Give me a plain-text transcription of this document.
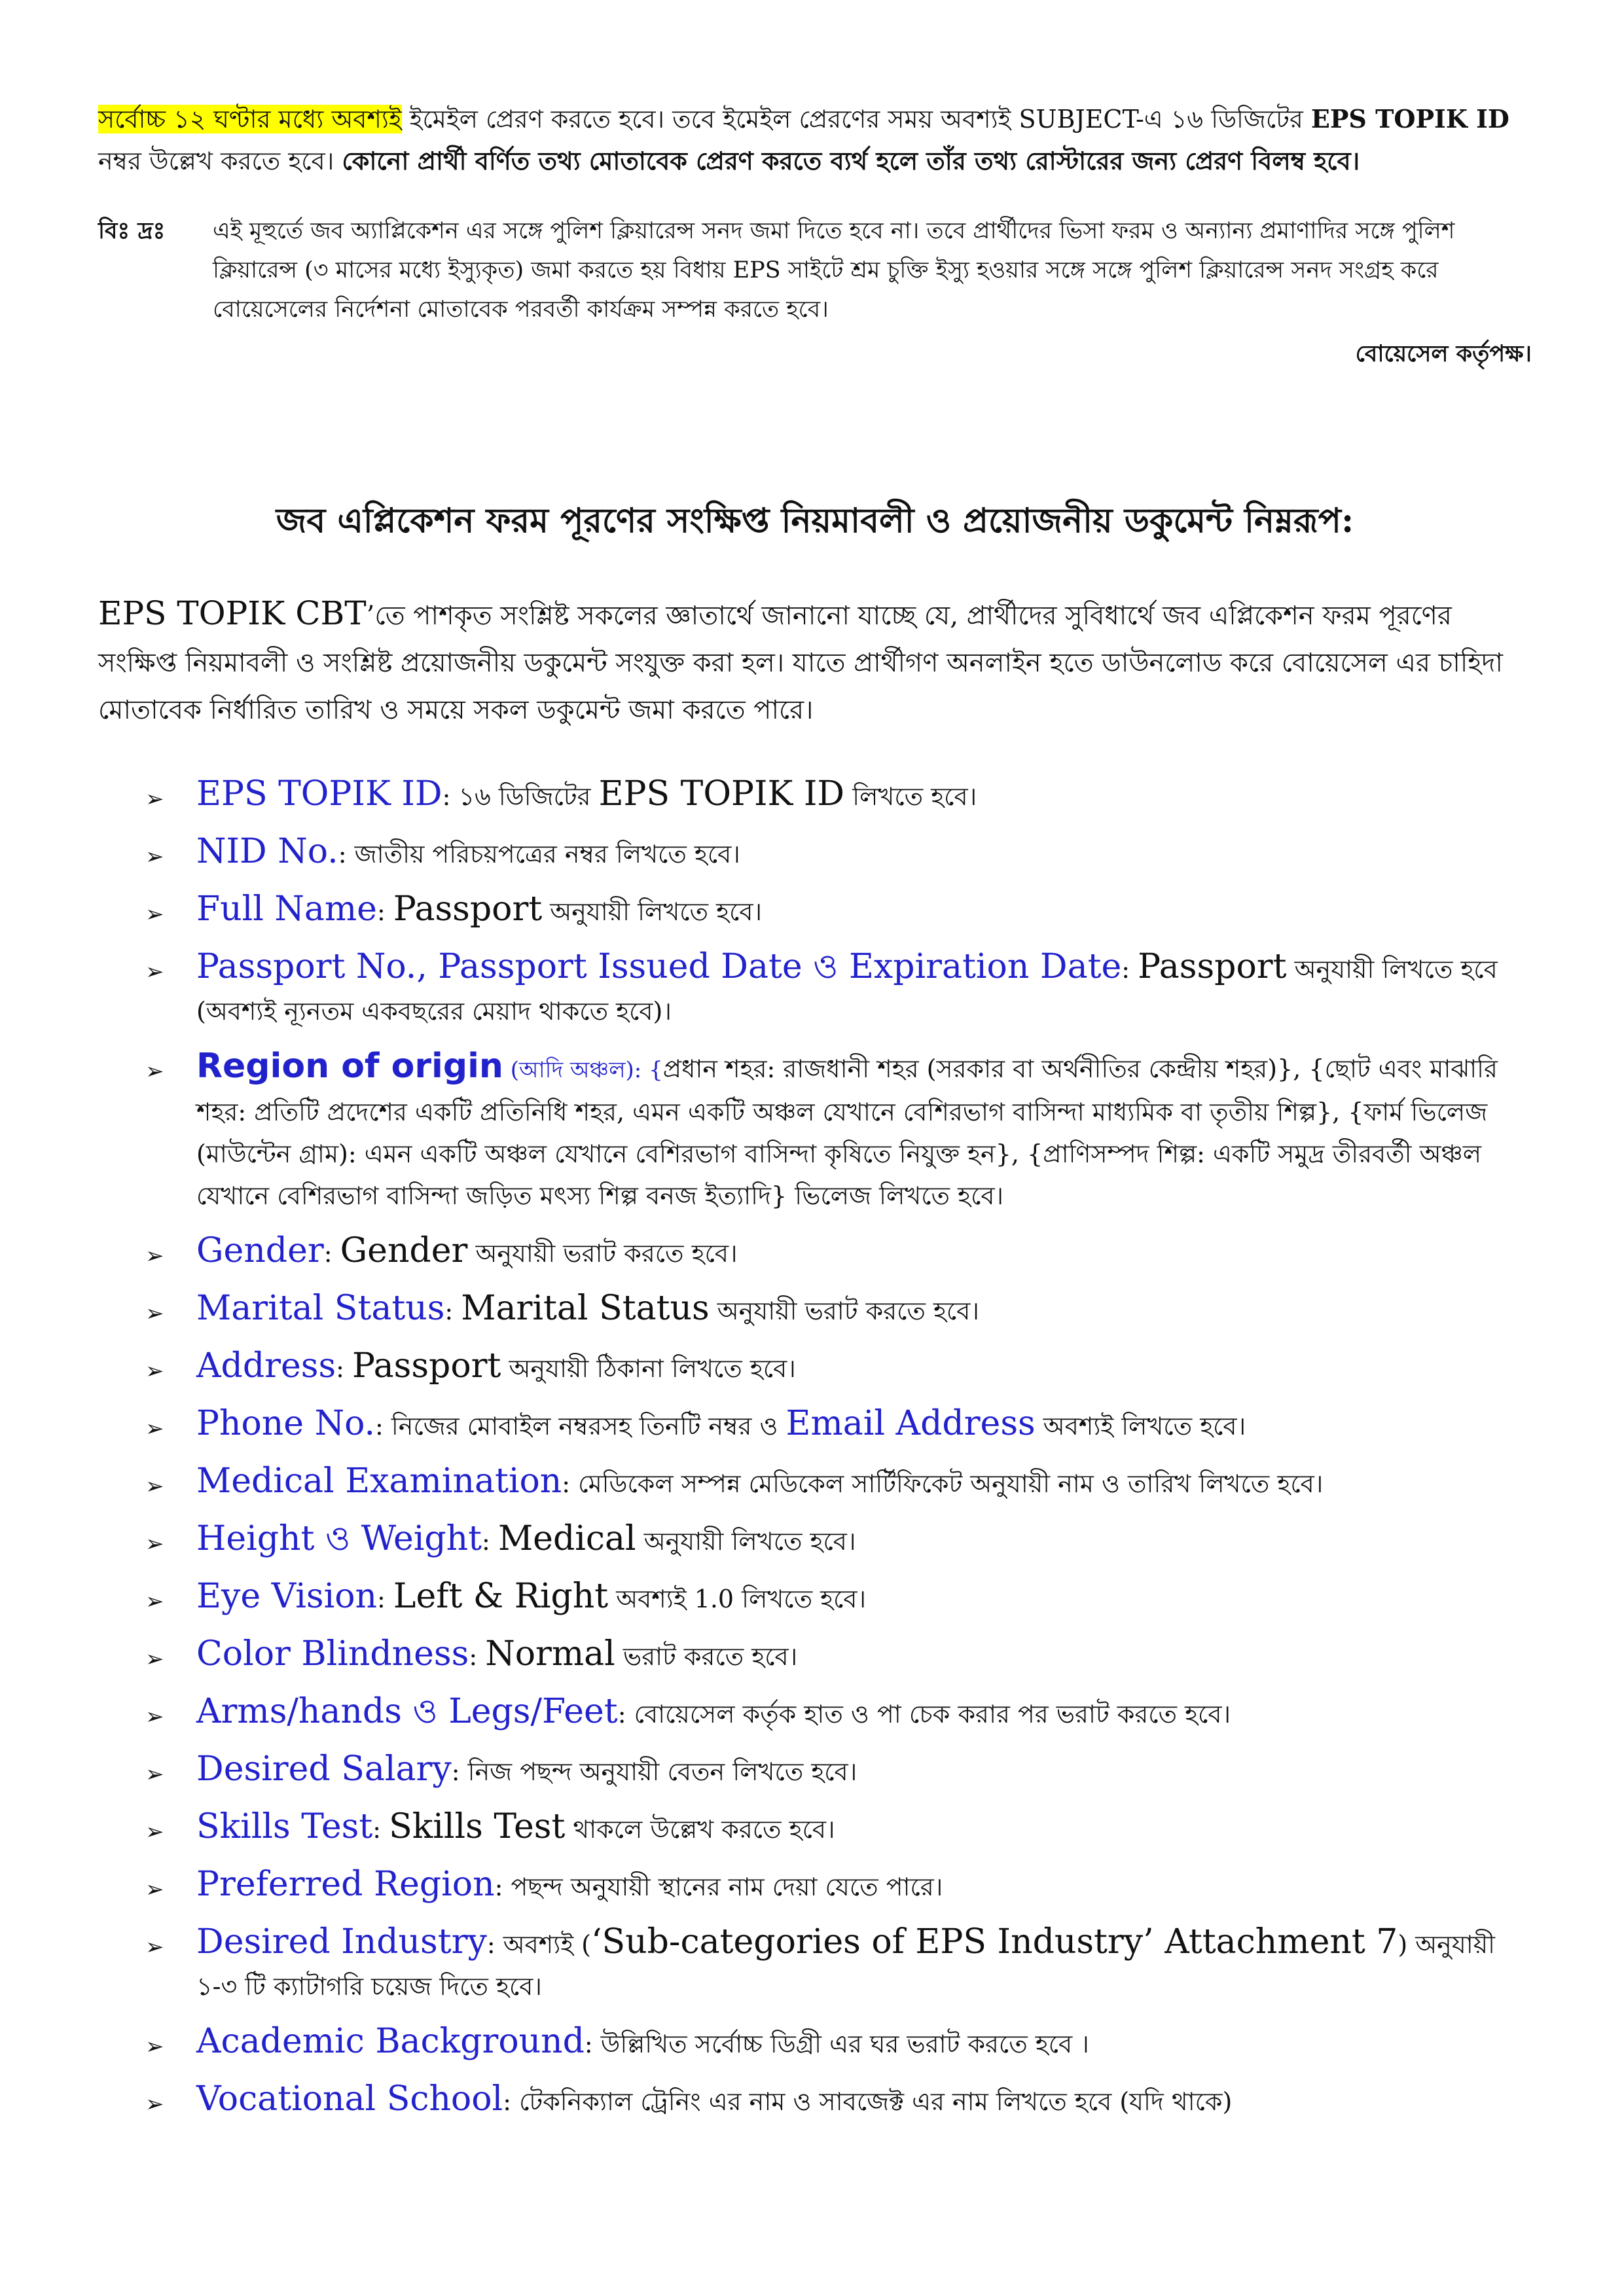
সর্বোচ্চ ১২ ঘণ্টার মধ্যে অবশ্যই ইমেইল প্রেরণ করতে হবে। তবে ইমেইল প্রেরণের সময় অবশ্যই SUBJECT-এ ১৬ ডিজিটের EPS TOPIK ID নম্বর উল্লেখ করতে হবে। কোনো প্রার্থী বর্ণিত তথ্য মোতাবেক প্রেরণ করতে ব্যর্থ হলে তাঁর তথ্য রোস্টারের জন্য প্রেরণ বিলম্ব হবে।

বিঃ দ্রঃ এই মূহুর্তে জব অ্যাপ্লিকেশন এর সঙ্গে পুলিশ ক্লিয়ারেন্স সনদ জমা দিতে হবে না। তবে প্রার্থীদের ভিসা ফরম ও অন্যান্য প্রমাণাদির সঙ্গে পুলিশ ক্লিয়ারেন্স (৩ মাসের মধ্যে ইস্যুকৃত) জমা করতে হয় বিধায় EPS সাইটে শ্রম চুক্তি ইস্যু হওয়ার সঙ্গে সঙ্গে পুলিশ ক্লিয়ারেন্স সনদ সংগ্রহ করে বোয়েসেলের নির্দেশনা মোতাবেক পরবর্তী কার্যক্রম সম্পন্ন করতে হবে।
বোয়েসেল কর্তৃপক্ষ।
জব এপ্লিকেশন ফরম পূরণের সংক্ষিপ্ত নিয়মাবলী ও প্রয়োজনীয় ডকুমেন্ট নিম্নরূপ:

EPS TOPIK CBT’তে পাশকৃত সংশ্লিষ্ট সকলের জ্ঞাতার্থে জানানো যাচ্ছে যে, প্রার্থীদের সুবিধার্থে জব এপ্লিকেশন ফরম পূরণের সংক্ষিপ্ত নিয়মাবলী ও সংশ্লিষ্ট প্রয়োজনীয় ডকুমেন্ট সংযুক্ত করা হল। যাতে প্রার্থীগণ অনলাইন হতে ডাউনলোড করে বোয়েসেল এর চাহিদা মোতাবেক নির্ধারিত তারিখ ও সময়ে সকল ডকুমেন্ট জমা করতে পারে।

➢ EPS TOPIK ID: ১৬ ডিজিটের EPS TOPIK ID লিখতে হবে।
➢ NID No.: জাতীয় পরিচয়পত্রের নম্বর লিখতে হবে।
➢ Full Name: Passport অনুযায়ী লিখতে হবে।
➢ Passport No., Passport Issued Date ও Expiration Date: Passport অনুযায়ী লিখতে হবে (অবশ্যই ন্যূনতম একবছরের মেয়াদ থাকতে হবে)।
➢ Region of origin (আদি অঞ্চল): {প্রধান শহর: রাজধানী শহর (সরকার বা অর্থনীতির কেন্দ্রীয় শহর)}, {ছোট এবং মাঝারি শহর: প্রতিটি প্রদেশের একটি প্রতিনিধি শহর, এমন একটি অঞ্চল যেখানে বেশিরভাগ বাসিন্দা মাধ্যমিক বা তৃতীয় শিল্প}, {ফার্ম ভিলেজ (মাউন্টেন গ্রাম): এমন একটি অঞ্চল যেখানে বেশিরভাগ বাসিন্দা কৃষিতে নিযুক্ত হন}, {প্রাণিসম্পদ শিল্প: একটি সমুদ্র তীরবর্তী অঞ্চল যেখানে বেশিরভাগ বাসিন্দা জড়িত মৎস্য শিল্প বনজ ইত্যাদি} ভিলেজ লিখতে হবে।
➢ Gender: Gender অনুযায়ী ভরাট করতে হবে।
➢ Marital Status: Marital Status অনুযায়ী ভরাট করতে হবে।
➢ Address: Passport অনুযায়ী ঠিকানা লিখতে হবে।
➢ Phone No.: নিজের মোবাইল নম্বরসহ তিনটি নম্বর ও Email Address অবশ্যই লিখতে হবে।
➢ Medical Examination: মেডিকেল সম্পন্ন মেডিকেল সার্টিফিকেট অনুযায়ী নাম ও তারিখ লিখতে হবে।
➢ Height ও Weight: Medical অনুযায়ী লিখতে হবে।
➢ Eye Vision: Left & Right অবশ্যই 1.0 লিখতে হবে।
➢ Color Blindness: Normal ভরাট করতে হবে।
➢ Arms/hands ও Legs/Feet: বোয়েসেল কর্তৃক হাত ও পা চেক করার পর ভরাট করতে হবে।
➢ Desired Salary: নিজ পছন্দ অনুযায়ী বেতন লিখতে হবে।
➢ Skills Test: Skills Test থাকলে উল্লেখ করতে হবে।
➢ Preferred Region: পছন্দ অনুযায়ী স্থানের নাম দেয়া যেতে পারে।
➢ Desired Industry: অবশ্যই (‘Sub-categories of EPS Industry’ Attachment 7) অনুযায়ী ১-৩ টি ক্যাটাগরি চয়েজ দিতে হবে।
➢ Academic Background: উল্লিখিত সর্বোচ্চ ডিগ্রী এর ঘর ভরাট করতে হবে ।
➢ Vocational School: টেকনিক্যাল ট্রেনিং এর নাম ও সাবজেক্ট এর নাম লিখতে হবে (যদি থাকে)
